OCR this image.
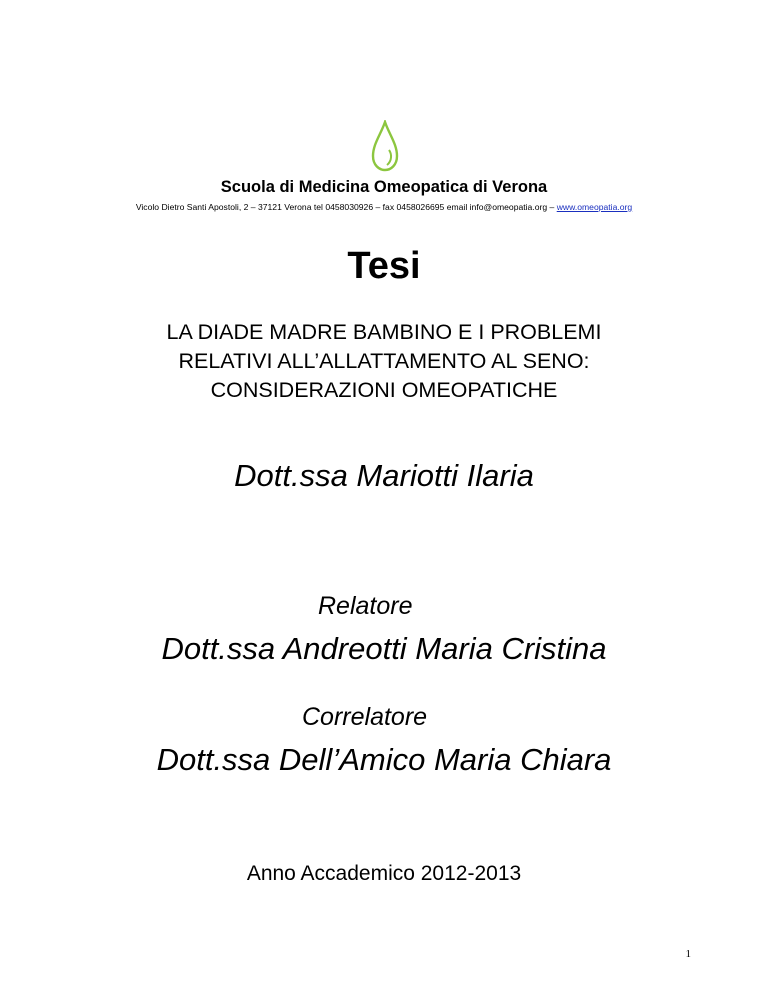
Scuola di Medicina Omeopatica di Verona
Vicolo Dietro Santi Apostoli, 2 – 37121 Verona tel 0458030926 – fax 0458026695 email info@omeopatia.org – www.omeopatia.org
Tesi
LA DIADE MADRE BAMBINO E I PROBLEMI
RELATIVI ALL’ALLATTAMENTO AL SENO:
CONSIDERAZIONI OMEOPATICHE
Dott.ssa Mariotti Ilaria
Relatore
Dott.ssa Andreotti Maria Cristina
Correlatore
Dott.ssa Dell’Amico Maria Chiara
Anno Accademico 2012-2013
1
